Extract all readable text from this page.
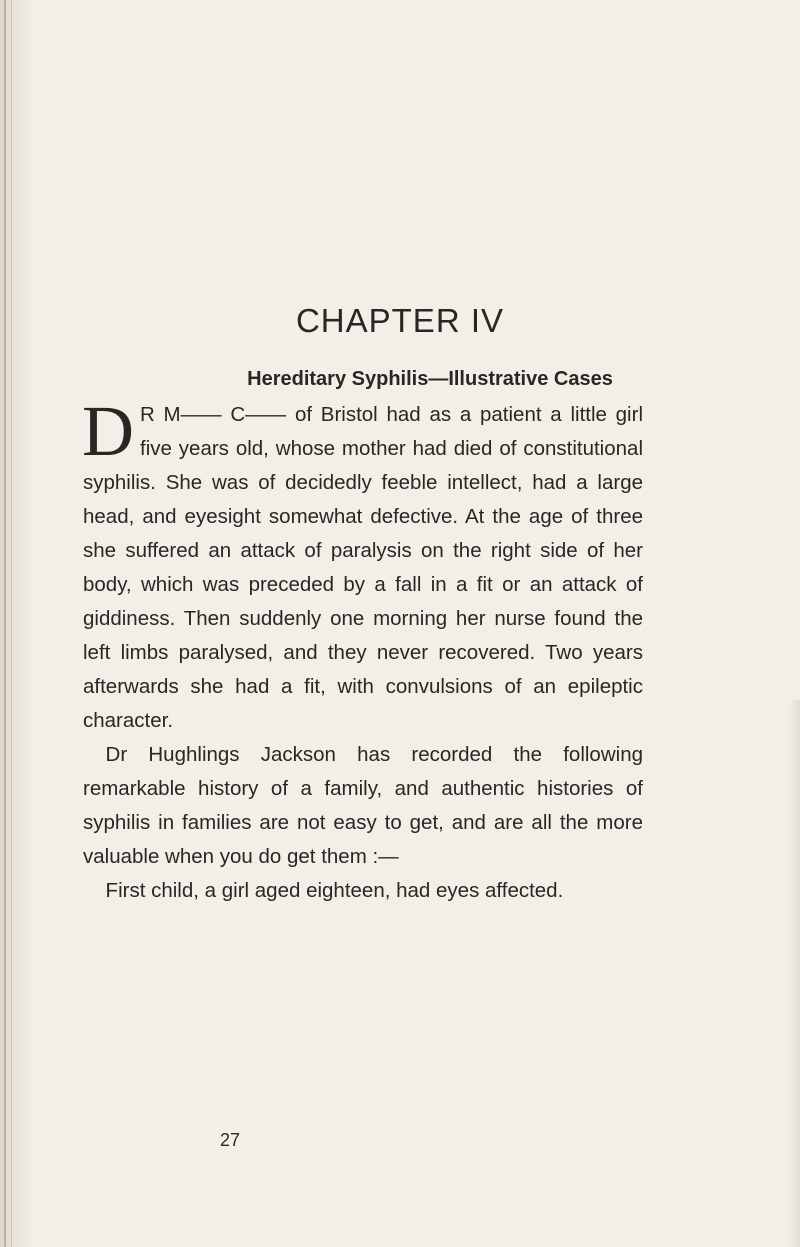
CHAPTER IV
Hereditary Syphilis—Illustrative Cases

D R M—— C—— of Bristol had as a patient a little girl five years old, whose mother had died of constitutional syphilis. She was of decidedly feeble intellect, had a large head, and eyesight somewhat defective. At the age of three she suffered an attack of paralysis on the right side of her body, which was preceded by a fall in a fit or an attack of giddiness. Then suddenly one morning her nurse found the left limbs paralysed, and they never recovered. Two years afterwards she had a fit, with convulsions of an epileptic character.

Dr Hughlings Jackson has recorded the following remarkable history of a family, and authentic histories of syphilis in families are not easy to get, and are all the more valuable when you do get them :—

First child, a girl aged eighteen, had eyes affected.

27
